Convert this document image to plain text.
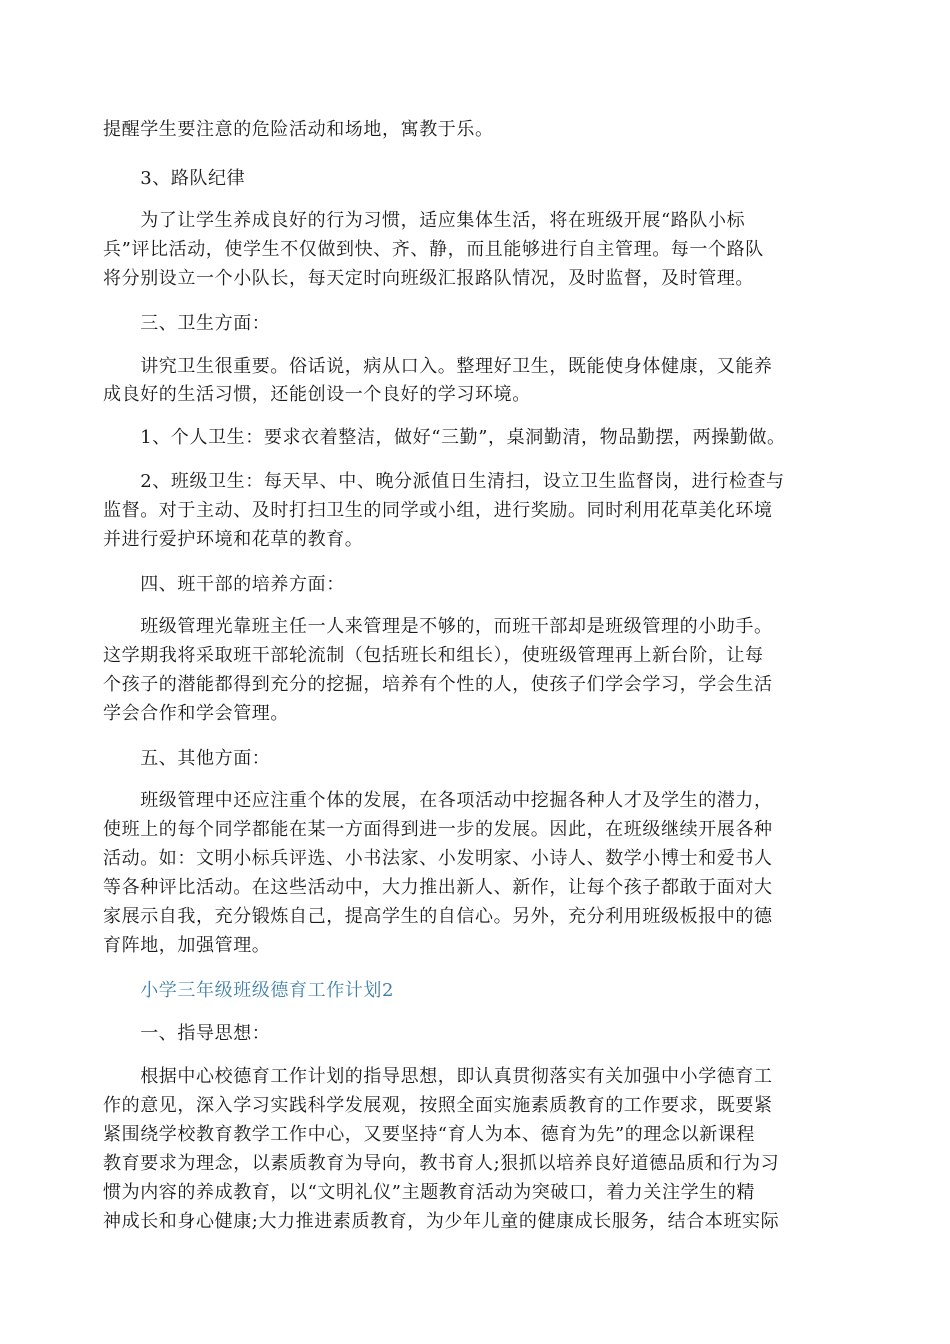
提醒学生要注意的危险活动和场地，寓教于乐。
　　3、路队纪律
　　为了让学生养成良好的行为习惯，适应集体生活，将在班级开展“路队小标
兵”评比活动，使学生不仅做到快、齐、静，而且能够进行自主管理。每一个路队
将分别设立一个小队长，每天定时向班级汇报路队情况，及时监督，及时管理。
　　三、卫生方面：
　　讲究卫生很重要。俗话说，病从口入。整理好卫生，既能使身体健康，又能养
成良好的生活习惯，还能创设一个良好的学习环境。
　　1、个人卫生：要求衣着整洁，做好“三勤”，桌洞勤清，物品勤摆，两操勤做。
　　2、班级卫生：每天早、中、晚分派值日生清扫，设立卫生监督岗，进行检查与
监督。对于主动、及时打扫卫生的同学或小组，进行奖励。同时利用花草美化环境
并进行爱护环境和花草的教育。
　　四、班干部的培养方面：
　　班级管理光靠班主任一人来管理是不够的，而班干部却是班级管理的小助手。
这学期我将采取班干部轮流制（包括班长和组长），使班级管理再上新台阶，让每
个孩子的潜能都得到充分的挖掘，培养有个性的人，使孩子们学会学习，学会生活
学会合作和学会管理。
　　五、其他方面：
　　班级管理中还应注重个体的发展，在各项活动中挖掘各种人才及学生的潜力，
使班上的每个同学都能在某一方面得到进一步的发展。因此，在班级继续开展各种
活动。如：文明小标兵评选、小书法家、小发明家、小诗人、数学小博士和爱书人
等各种评比活动。在这些活动中，大力推出新人、新作，让每个孩子都敢于面对大
家展示自我，充分锻炼自己，提高学生的自信心。另外，充分利用班级板报中的德
育阵地，加强管理。
　　小学三年级班级德育工作计划2
　　一、指导思想：
　　根据中心校德育工作计划的指导思想，即认真贯彻落实有关加强中小学德育工
作的意见，深入学习实践科学发展观，按照全面实施素质教育的工作要求，既要紧
紧围绕学校教育教学工作中心，又要坚持“育人为本、德育为先”的理念以新课程
教育要求为理念，以素质教育为导向，教书育人;狠抓以培养良好道德品质和行为习
惯为内容的养成教育，以“文明礼仪”主题教育活动为突破口，着力关注学生的精
神成长和身心健康;大力推进素质教育，为少年儿童的健康成长服务，结合本班实际
